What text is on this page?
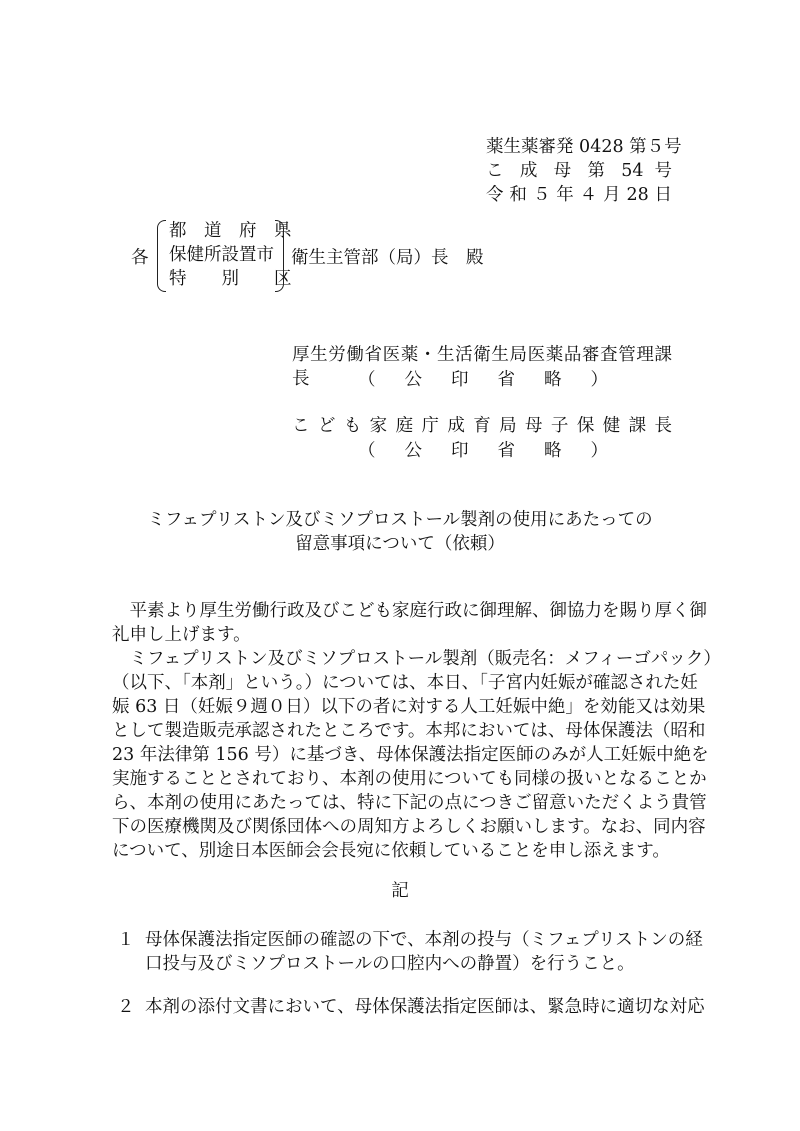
薬生薬審発 0428 第５号
こ 成 母 第 54 号
令 和 ５ 年 ４ 月 28 日
各
都　道　府　県
保健所設置市
特　　別　　区
衛生主管部（局）長　殿
厚生労働省医薬・生活衛生局医薬品審査管理課長	（公印省略）
こども家庭庁成育局母子保健課長
（公印省略）
ミフェプリストン及びミソプロストール製剤の使用にあたっての
留意事項について（依頼）
　平素より厚生労働行政及びこども家庭行政に御理解、御協力を賜り厚く御
礼申し上げます。
　ミフェプリストン及びミソプロストール製剤（販売名：メフィーゴパック）
（以下、「本剤」という。）については、本日、「子宮内妊娠が確認された妊
娠 63 日（妊娠９週０日）以下の者に対する人工妊娠中絶」を効能又は効果
として製造販売承認されたところです。本邦においては、母体保護法（昭和
23 年法律第 156 号）に基づき、母体保護法指定医師のみが人工妊娠中絶を
実施することとされており、本剤の使用についても同様の扱いとなることか
ら、本剤の使用にあたっては、特に下記の点につきご留意いただくよう貴管
下の医療機関及び関係団体への周知方よろしくお願いします。なお、同内容
について、別途日本医師会会長宛に依頼していることを申し添えます。
記
１ 母体保護法指定医師の確認の下で、本剤の投与（ミフェプリストンの経
口投与及びミソプロストールの口腔内への静置）を行うこと。
２ 本剤の添付文書において、母体保護法指定医師は、緊急時に適切な対応
